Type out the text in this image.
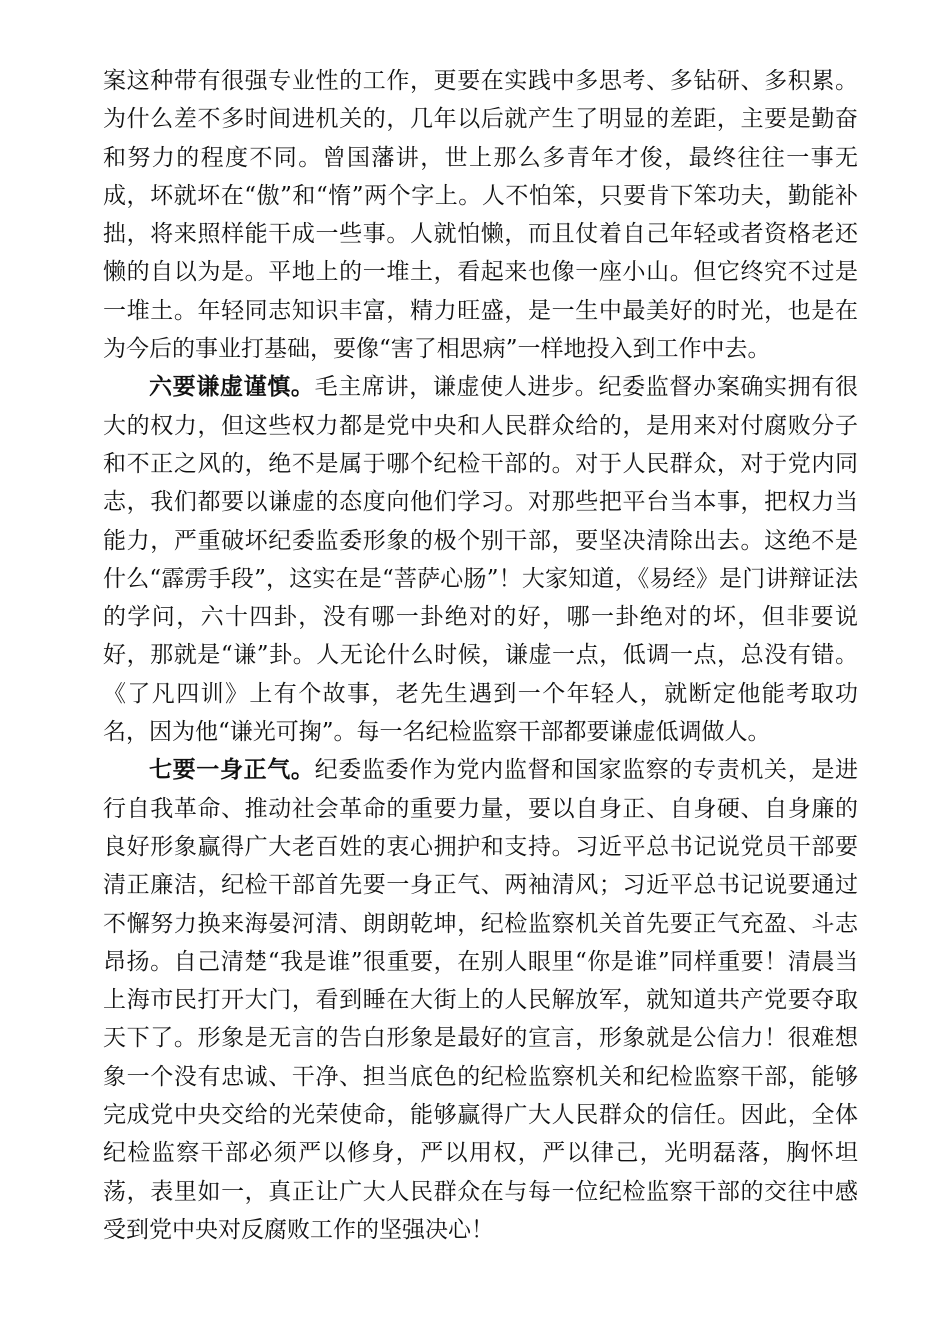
案这种带有很强专业性的工作，更要在实践中多思考、多钻研、多积累。为什么差不多时间进机关的，几年以后就产生了明显的差距，主要是勤奋和努力的程度不同。曾国藩讲，世上那么多青年才俊，最终往往一事无成，坏就坏在“傲”和“惰”两个字上。人不怕笨，只要肯下笨功夫，勤能补拙，将来照样能干成一些事。人就怕懒，而且仗着自己年轻或者资格老还懒的自以为是。平地上的一堆土，看起来也像一座小山。但它终究不过是一堆土。年轻同志知识丰富，精力旺盛，是一生中最美好的时光，也是在为今后的事业打基础，要像“害了相思病”一样地投入到工作中去。

六要谦虚谨慎。毛主席讲，谦虚使人进步。纪委监督办案确实拥有很大的权力，但这些权力都是党中央和人民群众给的，是用来对付腐败分子和不正之风的，绝不是属于哪个纪检干部的。对于人民群众，对于党内同志，我们都要以谦虚的态度向他们学习。对那些把平台当本事，把权力当能力，严重破坏纪委监委形象的极个别干部，要坚决清除出去。这绝不是什么“霹雳手段”，这实在是“菩萨心肠”！大家知道，《易经》是门讲辩证法的学问，六十四卦，没有哪一卦绝对的好，哪一卦绝对的坏，但非要说好，那就是“谦”卦。人无论什么时候，谦虚一点，低调一点，总没有错。《了凡四训》上有个故事，老先生遇到一个年轻人，就断定他能考取功名，因为他“谦光可掬”。每一名纪检监察干部都要谦虚低调做人。

七要一身正气。纪委监委作为党内监督和国家监察的专责机关，是进行自我革命、推动社会革命的重要力量，要以自身正、自身硬、自身廉的良好形象赢得广大老百姓的衷心拥护和支持。习近平总书记说党员干部要清正廉洁，纪检干部首先要一身正气、两袖清风；习近平总书记说要通过不懈努力换来海晏河清、朗朗乾坤，纪检监察机关首先要正气充盈、斗志昂扬。自己清楚“我是谁”很重要，在别人眼里“你是谁”同样重要！清晨当上海市民打开大门，看到睡在大街上的人民解放军，就知道共产党要夺取天下了。形象是无言的告白形象是最好的宣言，形象就是公信力！很难想象一个没有忠诚、干净、担当底色的纪检监察机关和纪检监察干部，能够完成党中央交给的光荣使命，能够赢得广大人民群众的信任。因此，全体纪检监察干部必须严以修身，严以用权，严以律己，光明磊落，胸怀坦荡，表里如一，真正让广大人民群众在与每一位纪检监察干部的交往中感受到党中央对反腐败工作的坚强决心！
